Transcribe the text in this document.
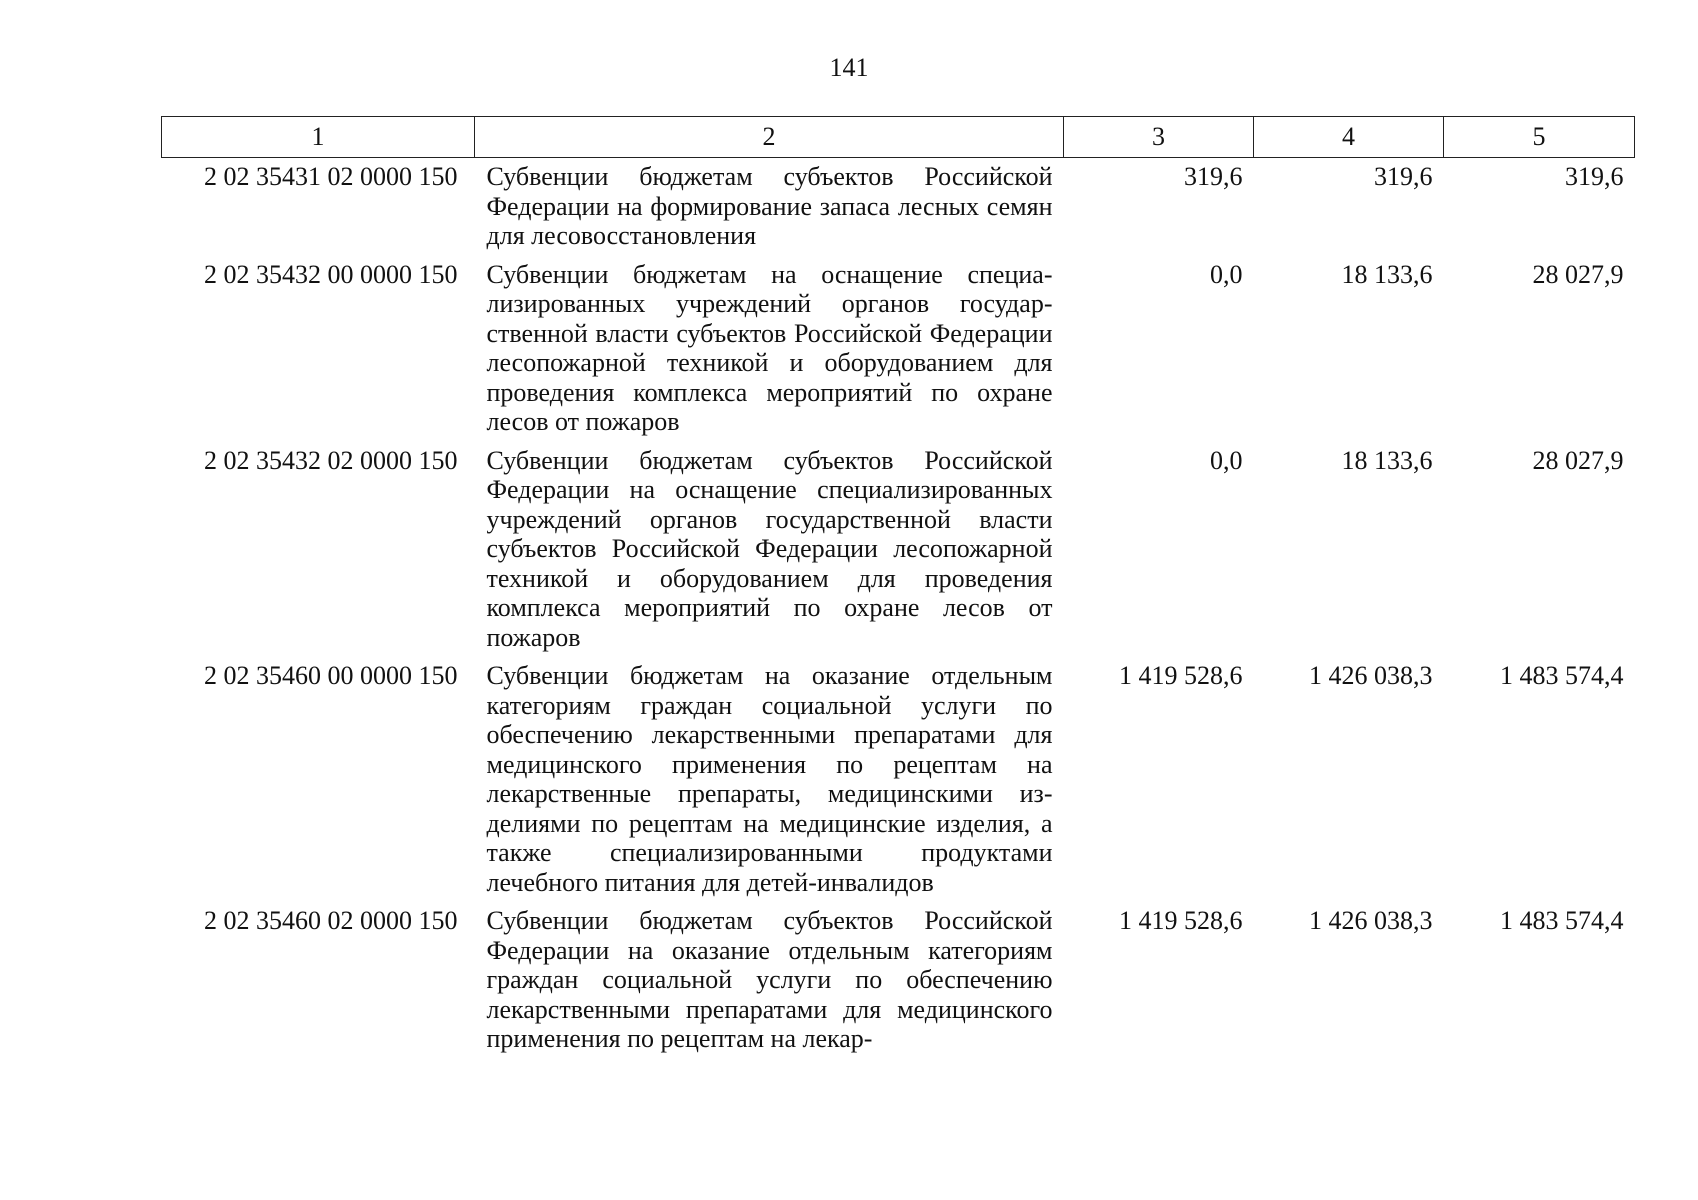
141
1	2	3	4	5
2 02 35431 02 0000 150	Субвенции бюджетам субъектов Российской Федерации на формирование запаса лесных семян для лесовосстановления	319,6	319,6	319,6
2 02 35432 00 0000 150	Субвенции бюджетам на оснащение специализированных учреждений органов государственной власти субъектов Российской Федерации лесопожарной техникой и оборудованием для проведения комплекса мероприятий по охране лесов от пожаров	0,0	18 133,6	28 027,9
2 02 35432 02 0000 150	Субвенции бюджетам субъектов Российской Федерации на оснащение специализированных учреждений органов государственной власти субъектов Российской Федерации лесопожарной техникой и оборудованием для проведения комплекса мероприятий по охране лесов от пожаров	0,0	18 133,6	28 027,9
2 02 35460 00 0000 150	Субвенции бюджетам на оказание отдельным категориям граждан социальной услуги по обеспечению лекарственными препаратами для медицинского применения по рецептам на лекарственные препараты, медицинскими изделиями по рецептам на медицинские изделия, а также специализированными продуктами лечебного питания для детей-инвалидов	1 419 528,6	1 426 038,3	1 483 574,4
2 02 35460 02 0000 150	Субвенции бюджетам субъектов Российской Федерации на оказание отдельным категориям граждан социальной услуги по обеспечению лекарственными препаратами для медицинского применения по рецептам на лекар-	1 419 528,6	1 426 038,3	1 483 574,4
